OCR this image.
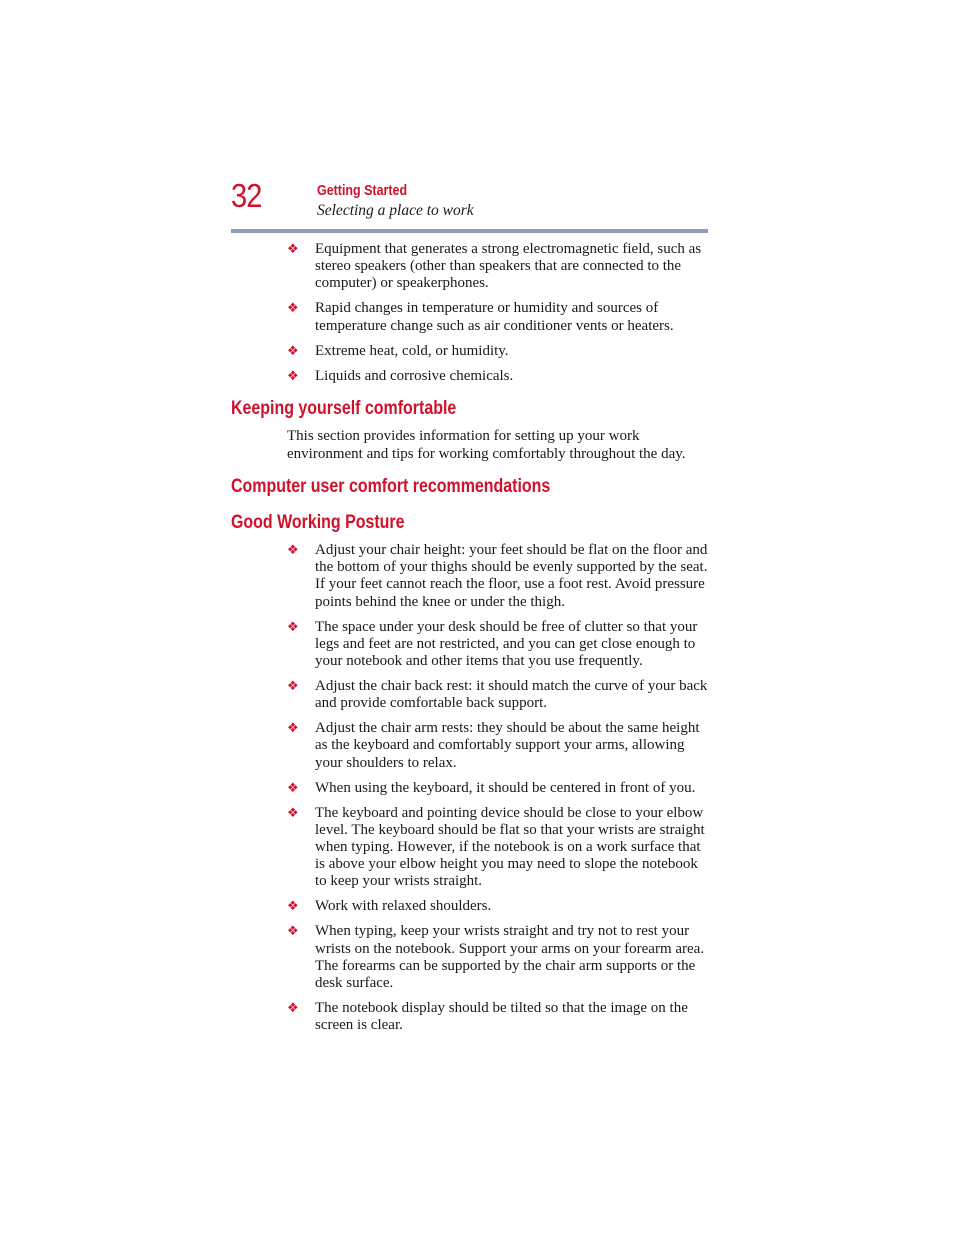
32	Getting Started
Selecting a place to work
❖ Equipment that generates a strong electromagnetic field, such as stereo speakers (other than speakers that are connected to the computer) or speakerphones.
❖ Rapid changes in temperature or humidity and sources of temperature change such as air conditioner vents or heaters.
❖ Extreme heat, cold, or humidity.
❖ Liquids and corrosive chemicals.
Keeping yourself comfortable

This section provides information for setting up your work environment and tips for working comfortably throughout the day.

Computer user comfort recommendations
Good Working Posture
❖ Adjust your chair height: your feet should be flat on the floor and the bottom of your thighs should be evenly supported by the seat. If your feet cannot reach the floor, use a foot rest. Avoid pressure points behind the knee or under the thigh.
❖ The space under your desk should be free of clutter so that your legs and feet are not restricted, and you can get close enough to your notebook and other items that you use frequently.
❖ Adjust the chair back rest: it should match the curve of your back and provide comfortable back support.
❖ Adjust the chair arm rests: they should be about the same height as the keyboard and comfortably support your arms, allowing your shoulders to relax.
❖ When using the keyboard, it should be centered in front of you.
❖ The keyboard and pointing device should be close to your elbow level. The keyboard should be flat so that your wrists are straight when typing. However, if the notebook is on a work surface that is above your elbow height you may need to slope the notebook to keep your wrists straight.
❖ Work with relaxed shoulders.
❖ When typing, keep your wrists straight and try not to rest your wrists on the notebook. Support your arms on your forearm area. The forearms can be supported by the chair arm supports or the desk surface.
❖ The notebook display should be tilted so that the image on the screen is clear.
